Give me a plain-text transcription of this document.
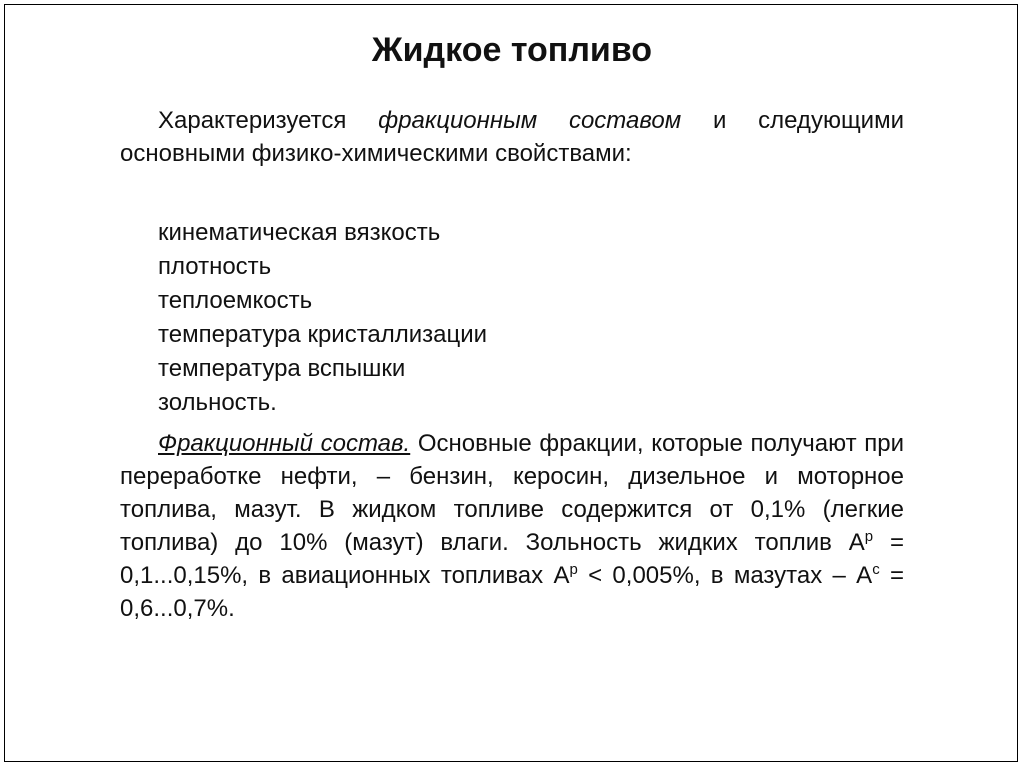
Жидкое топливо

Характеризуется фракционным составом и следующими основными физико-химическими свойствами:

кинематическая вязкость
плотность
теплоемкость
температура кристаллизации
температура вспышки
зольность.

Фракционный состав. Основные фракции, которые получают при переработке нефти, – бензин, керосин, дизельное и моторное топлива, мазут. В жидком топливе содержится от 0,1% (легкие топлива) до 10% (мазут) влаги. Зольность жидких топлив $А^р = 0,1...0,15\%$, в авиационных топливах $А^р < 0,005\%$, в мазутах – $А^с = 0,6...0,7\%$.
